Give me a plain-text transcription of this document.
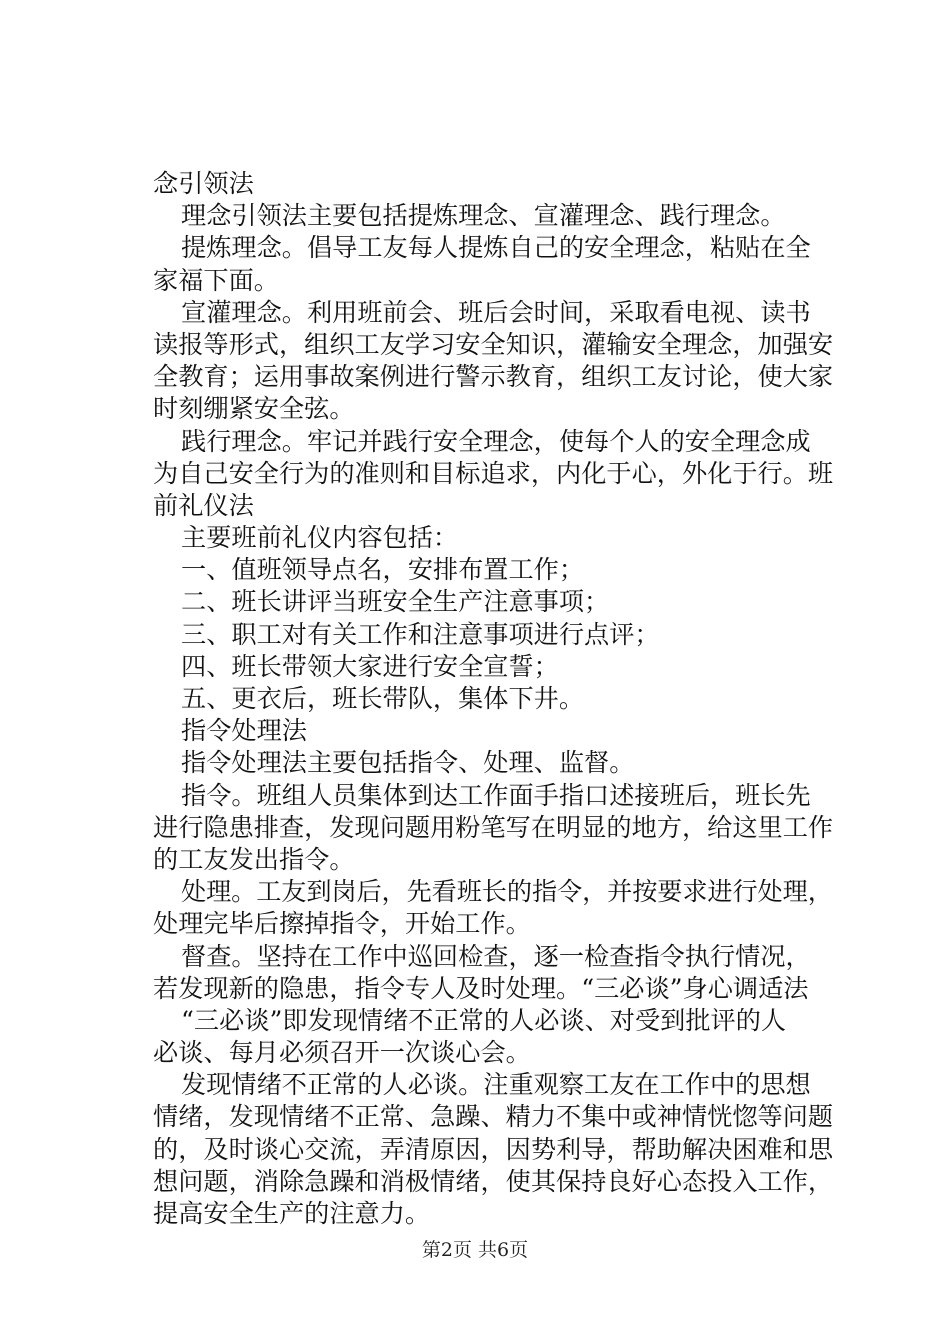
念引领法
理念引领法主要包括提炼理念、宣灌理念、践行理念。
提炼理念。倡导工友每人提炼自己的安全理念，粘贴在全
家福下面。
宣灌理念。利用班前会、班后会时间，采取看电视、读书
读报等形式，组织工友学习安全知识，灌输安全理念，加强安
全教育；运用事故案例进行警示教育，组织工友讨论，使大家
时刻绷紧安全弦。
践行理念。牢记并践行安全理念，使每个人的安全理念成
为自己安全行为的准则和目标追求，内化于心，外化于行。班
前礼仪法
主要班前礼仪内容包括：
一、值班领导点名，安排布置工作；
二、班长讲评当班安全生产注意事项；
三、职工对有关工作和注意事项进行点评；
四、班长带领大家进行安全宣誓；
五、更衣后，班长带队，集体下井。
指令处理法
指令处理法主要包括指令、处理、监督。
指令。班组人员集体到达工作面手指口述接班后，班长先
进行隐患排查，发现问题用粉笔写在明显的地方，给这里工作
的工友发出指令。
处理。工友到岗后，先看班长的指令，并按要求进行处理，
处理完毕后擦掉指令，开始工作。
督查。坚持在工作中巡回检查，逐一检查指令执行情况，
若发现新的隐患，指令专人及时处理。“三必谈”身心调适法
“三必谈”即发现情绪不正常的人必谈、对受到批评的人
必谈、每月必须召开一次谈心会。
发现情绪不正常的人必谈。注重观察工友在工作中的思想
情绪，发现情绪不正常、急躁、精力不集中或神情恍惚等问题
的，及时谈心交流，弄清原因，因势利导，帮助解决困难和思
想问题，消除急躁和消极情绪，使其保持良好心态投入工作，
提高安全生产的注意力。
第2页 共6页
